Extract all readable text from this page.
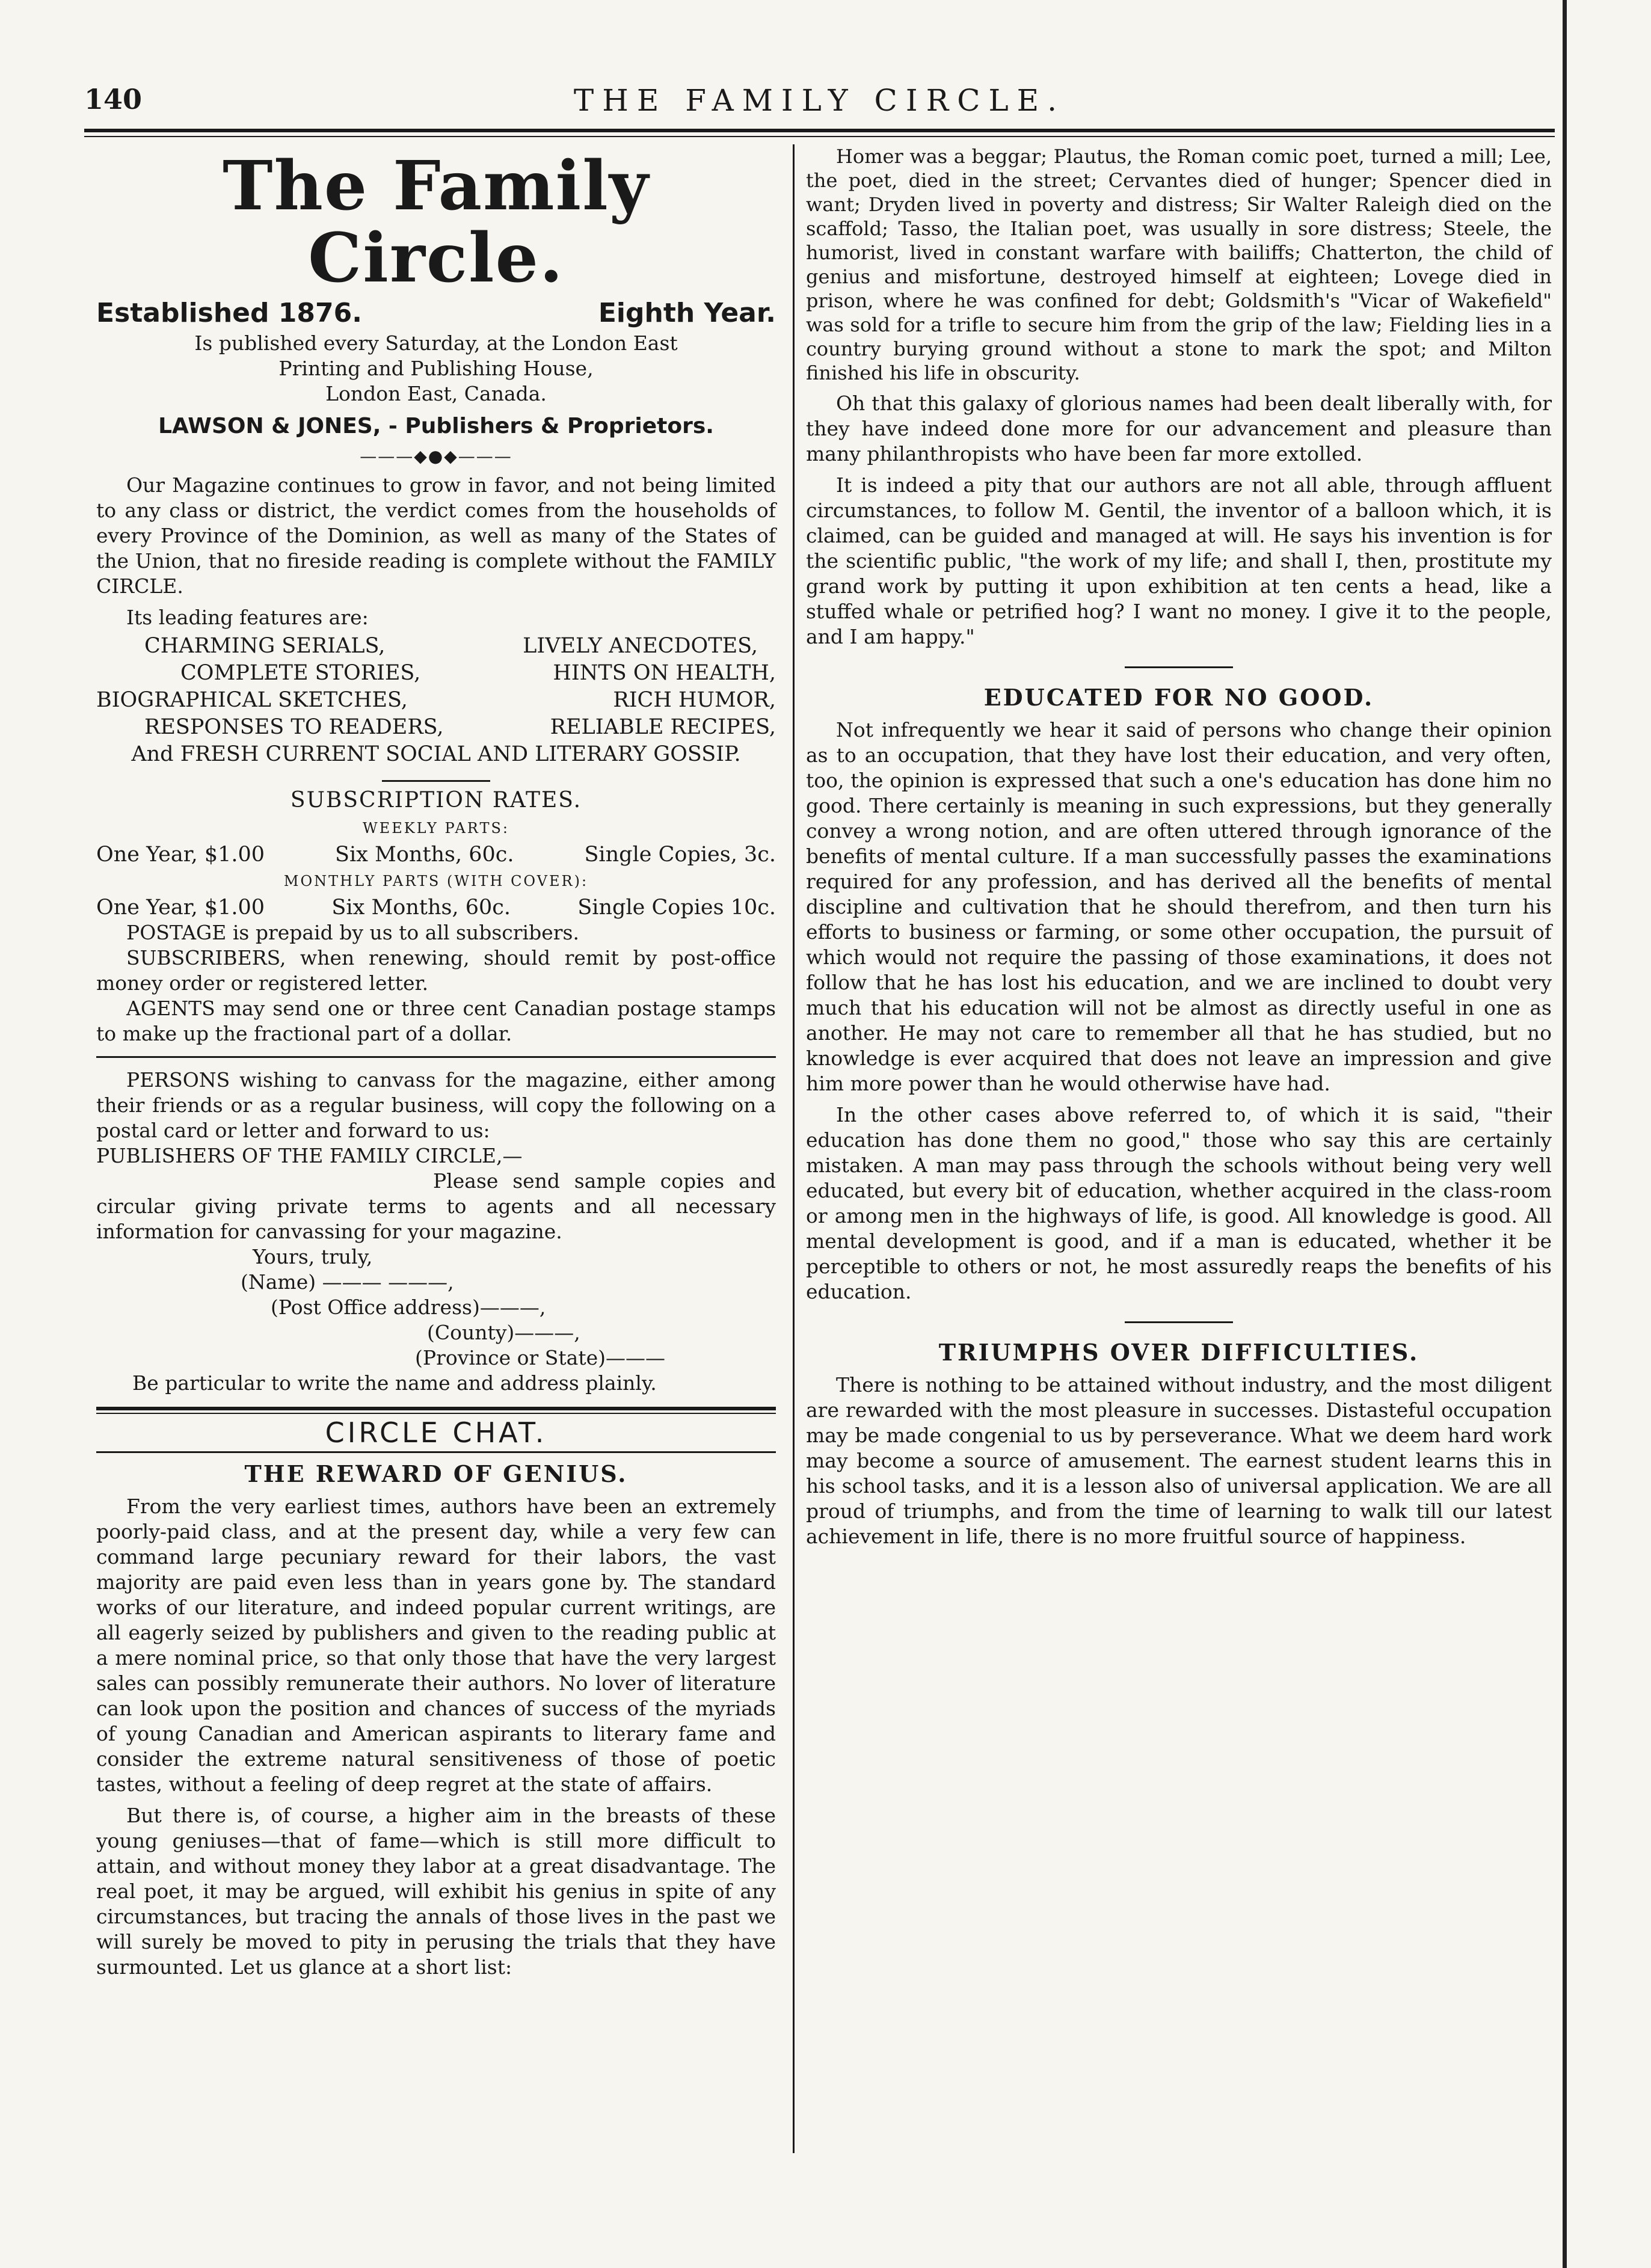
140	THE FAMILY CIRCLE.
The Family Circle.
Established 1876.	Eighth Year.
Is published every Saturday, at the London East
Printing and Publishing House,
London East, Canada.
LAWSON & JONES, - Publishers & Proprietors.
———◆●◆———

Our Magazine continues to grow in favor, and not being limited to any class or district, the verdict comes from the households of every Province of the Dominion, as well as many of the States of the Union, that no fireside reading is complete without the FAMILY CIRCLE.

Its leading features are:

CHARMING SERIALS,	LIVELY ANECDOTES,
COMPLETE STORIES,	HINTS ON HEALTH,
BIOGRAPHICAL SKETCHES,	RICH HUMOR,
RESPONSES TO READERS,	RELIABLE RECIPES,
And FRESH CURRENT SOCIAL AND LITERARY GOSSIP.
SUBSCRIPTION RATES.
WEEKLY PARTS:
One Year, $1.00	Six Months, 60c.	Single Copies, 3c.
MONTHLY PARTS (WITH COVER):
One Year, $1.00	Six Months, 60c.	Single Copies 10c.

POSTAGE is prepaid by us to all subscribers.

SUBSCRIBERS, when renewing, should remit by post-office money order or registered letter.

AGENTS may send one or three cent Canadian postage stamps to make up the fractional part of a dollar.

PERSONS wishing to canvass for the magazine, either among their friends or as a regular business, will copy the following on a postal card or letter and forward to us:

PUBLISHERS OF THE FAMILY CIRCLE,—

Please send sample copies and circular giving private terms to agents and all necessary information for canvassing for your magazine.

Yours, truly,
(Name) ——— ———,
(Post Office address)———,
(County)———,
(Province or State)———
Be particular to write the name and address plainly.
CIRCLE CHAT.
THE REWARD OF GENIUS.

From the very earliest times, authors have been an extremely poorly-paid class, and at the present day, while a very few can command large pecuniary reward for their labors, the vast majority are paid even less than in years gone by. The standard works of our literature, and indeed popular current writings, are all eagerly seized by publishers and given to the reading public at a mere nominal price, so that only those that have the very largest sales can possibly remunerate their authors. No lover of literature can look upon the position and chances of success of the myriads of young Canadian and American aspirants to literary fame and consider the extreme natural sensitiveness of those of poetic tastes, without a feeling of deep regret at the state of affairs.

But there is, of course, a higher aim in the breasts of these young geniuses—that of fame—which is still more difficult to attain, and without money they labor at a great disadvantage. The real poet, it may be argued, will exhibit his genius in spite of any circumstances, but tracing the annals of those lives in the past we will surely be moved to pity in perusing the trials that they have surmounted. Let us glance at a short list:

Homer was a beggar; Plautus, the Roman comic poet, turned a mill; Lee, the poet, died in the street; Cervantes died of hunger; Spencer died in want; Dryden lived in poverty and distress; Sir Walter Raleigh died on the scaffold; Tasso, the Italian poet, was usually in sore distress; Steele, the humorist, lived in constant warfare with bailiffs; Chatterton, the child of genius and misfortune, destroyed himself at eighteen; Lovege died in prison, where he was confined for debt; Goldsmith's "Vicar of Wakefield" was sold for a trifle to secure him from the grip of the law; Fielding lies in a country burying ground without a stone to mark the spot; and Milton finished his life in obscurity.

Oh that this galaxy of glorious names had been dealt liberally with, for they have indeed done more for our advancement and pleasure than many philanthropists who have been far more extolled.

It is indeed a pity that our authors are not all able, through affluent circumstances, to follow M. Gentil, the inventor of a balloon which, it is claimed, can be guided and managed at will. He says his invention is for the scientific public, "the work of my life; and shall I, then, prostitute my grand work by putting it upon exhibition at ten cents a head, like a stuffed whale or petrified hog? I want no money. I give it to the people, and I am happy."

EDUCATED FOR NO GOOD.

Not infrequently we hear it said of persons who change their opinion as to an occupation, that they have lost their education, and very often, too, the opinion is expressed that such a one's education has done him no good. There certainly is meaning in such expressions, but they generally convey a wrong notion, and are often uttered through ignorance of the benefits of mental culture. If a man successfully passes the examinations required for any profession, and has derived all the benefits of mental discipline and cultivation that he should therefrom, and then turn his efforts to business or farming, or some other occupation, the pursuit of which would not require the passing of those examinations, it does not follow that he has lost his education, and we are inclined to doubt very much that his education will not be almost as directly useful in one as another. He may not care to remember all that he has studied, but no knowledge is ever acquired that does not leave an impression and give him more power than he would otherwise have had.

In the other cases above referred to, of which it is said, "their education has done them no good," those who say this are certainly mistaken. A man may pass through the schools without being very well educated, but every bit of education, whether acquired in the class-room or among men in the highways of life, is good. All knowledge is good. All mental development is good, and if a man is educated, whether it be perceptible to others or not, he most assuredly reaps the benefits of his education.

TRIUMPHS OVER DIFFICULTIES.

There is nothing to be attained without industry, and the most diligent are rewarded with the most pleasure in successes. Distasteful occupation may be made congenial to us by perseverance. What we deem hard work may become a source of amusement. The earnest student learns this in his school tasks, and it is a lesson also of universal application. We are all proud of triumphs, and from the time of learning to walk till our latest achievement in life, there is no more fruitful source of happiness.
